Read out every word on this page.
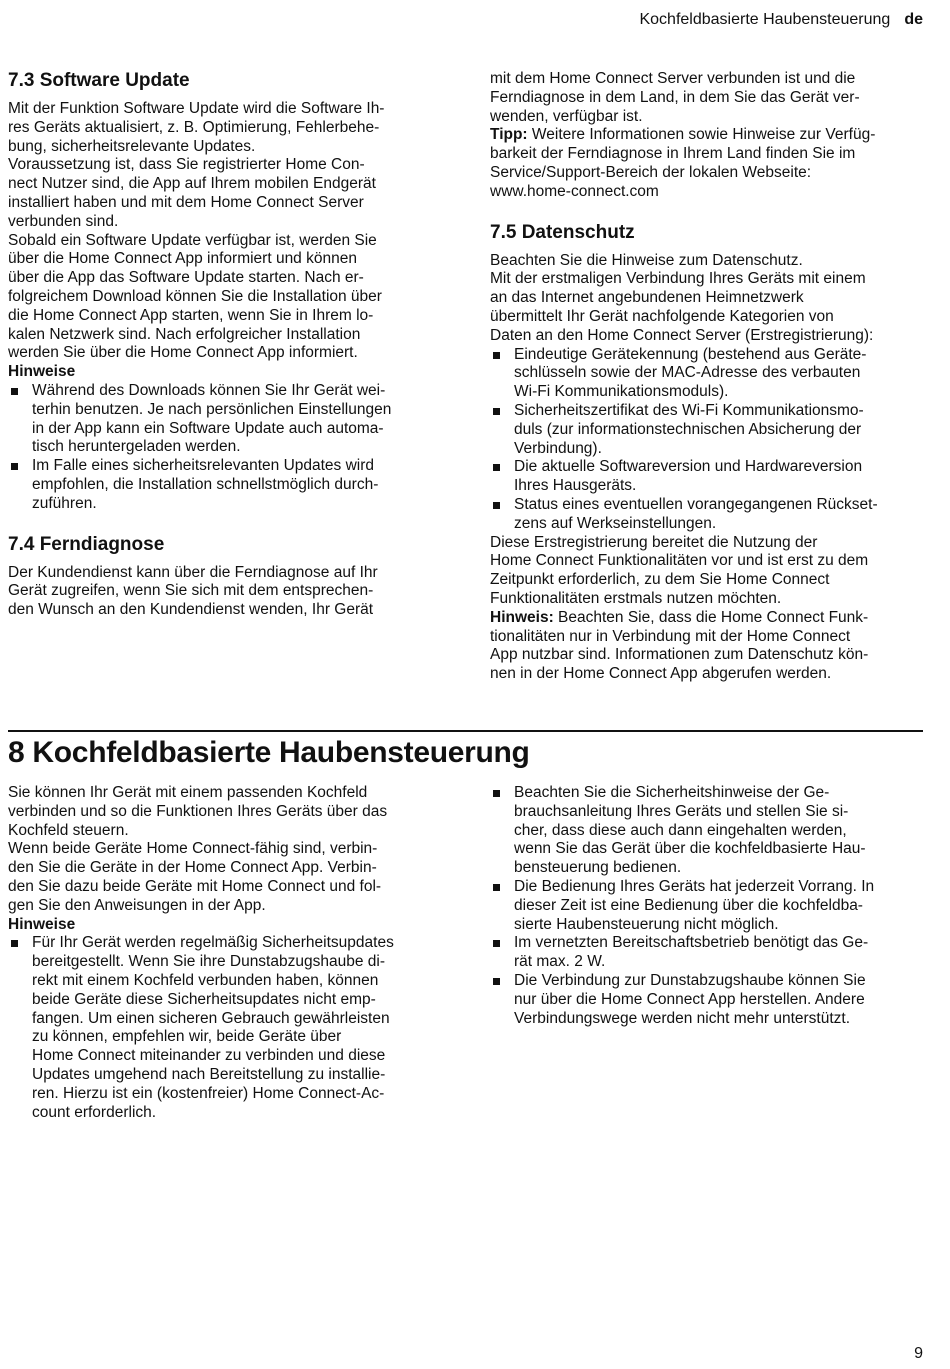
Kochfeldbasierte Haubensteuerung de
7.3 Software Update

Mit der Funktion Software Update wird die Software Ih-
res Geräts aktualisiert, z. B. Optimierung, Fehlerbehe-
bung, sicherheitsrelevante Updates.

Voraussetzung ist, dass Sie registrierter Home Con-
nect Nutzer sind, die App auf Ihrem mobilen Endgerät
installiert haben und mit dem Home Connect Server
verbunden sind.

Sobald ein Software Update verfügbar ist, werden Sie
über die Home Connect App informiert und können
über die App das Software Update starten. Nach er-
folgreichem Download können Sie die Installation über
die Home Connect App starten, wenn Sie in Ihrem lo-
kalen Netzwerk sind. Nach erfolgreicher Installation
werden Sie über die Home Connect App informiert.

Hinweise

Während des Downloads können Sie Ihr Gerät wei-
terhin benutzen. Je nach persönlichen Einstellungen
in der App kann ein Software Update auch automa-
tisch heruntergeladen werden.
Im Falle eines sicherheitsrelevanten Updates wird
empfohlen, die Installation schnellstmöglich durch-
zuführen.
7.4 Ferndiagnose

Der Kundendienst kann über die Ferndiagnose auf Ihr
Gerät zugreifen, wenn Sie sich mit dem entsprechen-
den Wunsch an den Kundendienst wenden, Ihr Gerät

mit dem Home Connect Server verbunden ist und die
Ferndiagnose in dem Land, in dem Sie das Gerät ver-
wenden, verfügbar ist.

Tipp: Weitere Informationen sowie Hinweise zur Verfüg-
barkeit der Ferndiagnose in Ihrem Land finden Sie im
Service/Support-Bereich der lokalen Webseite:
www.home-connect.com

7.5 Datenschutz

Beachten Sie die Hinweise zum Datenschutz.

Mit der erstmaligen Verbindung Ihres Geräts mit einem
an das Internet angebundenen Heimnetzwerk
übermittelt Ihr Gerät nachfolgende Kategorien von
Daten an den Home Connect Server (Erstregistrierung):

Eindeutige Gerätekennung (bestehend aus Geräte-
schlüsseln sowie der MAC-Adresse des verbauten
Wi-Fi Kommunikationsmoduls).
Sicherheitszertifikat des Wi-Fi Kommunikationsmo-
duls (zur informationstechnischen Absicherung der
Verbindung).
Die aktuelle Softwareversion und Hardwareversion
Ihres Hausgeräts.
Status eines eventuellen vorangegangenen Rückset-
zens auf Werkseinstellungen.

Diese Erstregistrierung bereitet die Nutzung der
Home Connect Funktionalitäten vor und ist erst zu dem
Zeitpunkt erforderlich, zu dem Sie Home Connect
Funktionalitäten erstmals nutzen möchten.

Hinweis: Beachten Sie, dass die Home Connect Funk-
tionalitäten nur in Verbindung mit der Home Connect
App nutzbar sind. Informationen zum Datenschutz kön-
nen in der Home Connect App abgerufen werden.

8 Kochfeldbasierte Haubensteuerung

Sie können Ihr Gerät mit einem passenden Kochfeld
verbinden und so die Funktionen Ihres Geräts über das
Kochfeld steuern.

Wenn beide Geräte Home Connect-fähig sind, verbin-
den Sie die Geräte in der Home Connect App. Verbin-
den Sie dazu beide Geräte mit Home Connect und fol-
gen Sie den Anweisungen in der App.

Hinweise

Für Ihr Gerät werden regelmäßig Sicherheitsupdates
bereitgestellt. Wenn Sie ihre Dunstabzugshaube di-
rekt mit einem Kochfeld verbunden haben, können
beide Geräte diese Sicherheitsupdates nicht emp-
fangen. Um einen sicheren Gebrauch gewährleisten
zu können, empfehlen wir, beide Geräte über
Home Connect miteinander zu verbinden und diese
Updates umgehend nach Bereitstellung zu installie-
ren. Hierzu ist ein (kostenfreier) Home Connect-Ac-
count erforderlich.
Beachten Sie die Sicherheitshinweise der Ge-
brauchsanleitung Ihres Geräts und stellen Sie si-
cher, dass diese auch dann eingehalten werden,
wenn Sie das Gerät über die kochfeldbasierte Hau-
bensteuerung bedienen.
Die Bedienung Ihres Geräts hat jederzeit Vorrang. In
dieser Zeit ist eine Bedienung über die kochfeldba-
sierte Haubensteuerung nicht möglich.
Im vernetzten Bereitschaftsbetrieb benötigt das Ge-
rät max. 2 W.
Die Verbindung zur Dunstabzugshaube können Sie
nur über die Home Connect App herstellen. Andere
Verbindungswege werden nicht mehr unterstützt.
9
